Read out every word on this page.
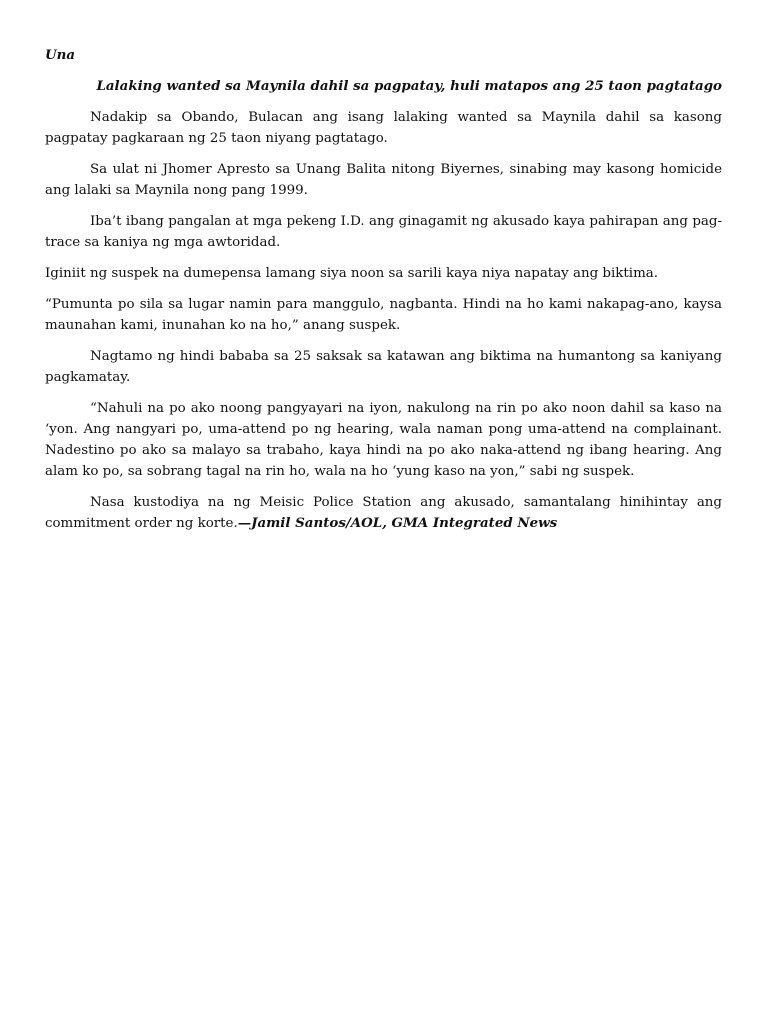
Una

Lalaking wanted sa Maynila dahil sa pagpatay, huli matapos ang 25 taon pagtatago

Nadakip sa Obando, Bulacan ang isang lalaking wanted sa Maynila dahil sa kasong pagpatay pagkaraan ng 25 taon niyang pagtatago.

Sa ulat ni Jhomer Apresto sa Unang Balita nitong Biyernes, sinabing may kasong homicide ang lalaki sa Maynila nong pang 1999.

Iba’t ibang pangalan at mga pekeng I.D. ang ginagamit ng akusado kaya pahirapan ang pag-trace sa kaniya ng mga awtoridad.

Iginiit ng suspek na dumepensa lamang siya noon sa sarili kaya niya napatay ang biktima.

“Pumunta po sila sa lugar namin para manggulo, nagbanta. Hindi na ho kami nakapag-ano, kaysa maunahan kami, inunahan ko na ho,” anang suspek.

Nagtamo ng hindi bababa sa 25 saksak sa katawan ang biktima na humantong sa kaniyang pagkamatay.

“Nahuli na po ako noong pangyayari na iyon, nakulong na rin po ako noon dahil sa kaso na ‘yon. Ang nangyari po, uma-attend po ng hearing, wala naman pong uma-attend na complainant. Nadestino po ako sa malayo sa trabaho, kaya hindi na po ako naka-attend ng ibang hearing. Ang alam ko po, sa sobrang tagal na rin ho, wala na ho ‘yung kaso na yon,” sabi ng suspek.

Nasa kustodiya na ng Meisic Police Station ang akusado, samantalang hinihintay ang commitment order ng korte.—Jamil Santos/AOL, GMA Integrated News
